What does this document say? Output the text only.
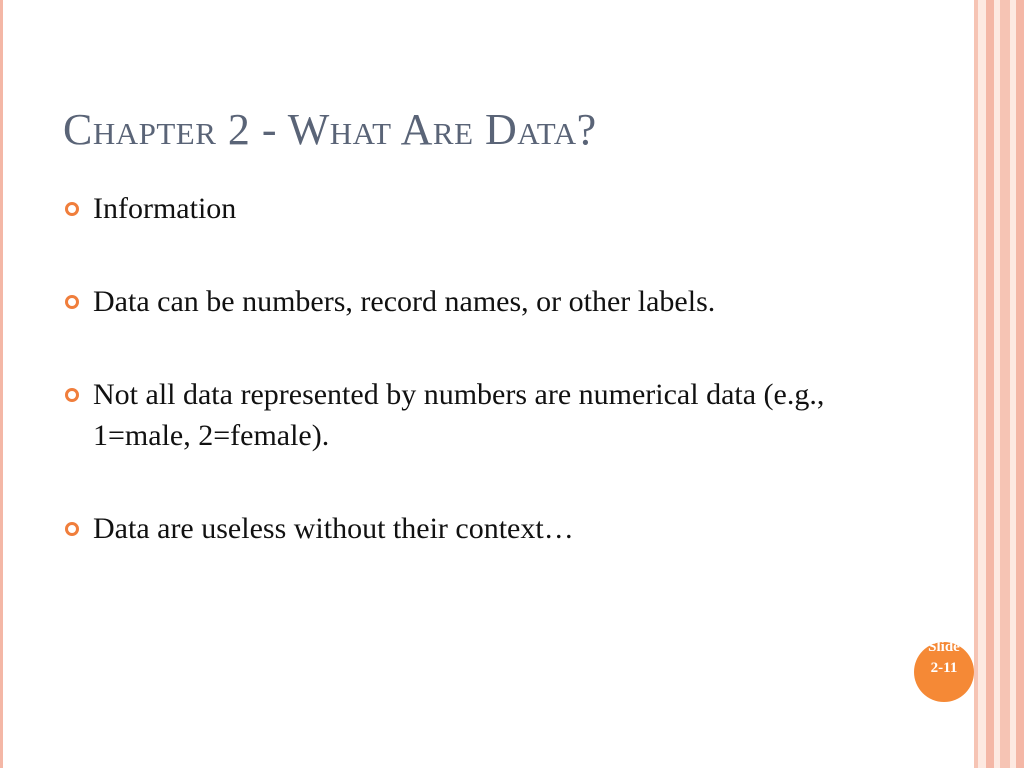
Chapter 2 - What Are Data?
Information
Data can be numbers, record names, or other labels.
Not all data represented by numbers are numerical data (e.g., 1=male, 2=female).
Data are useless without their context…
Slide 2-11
